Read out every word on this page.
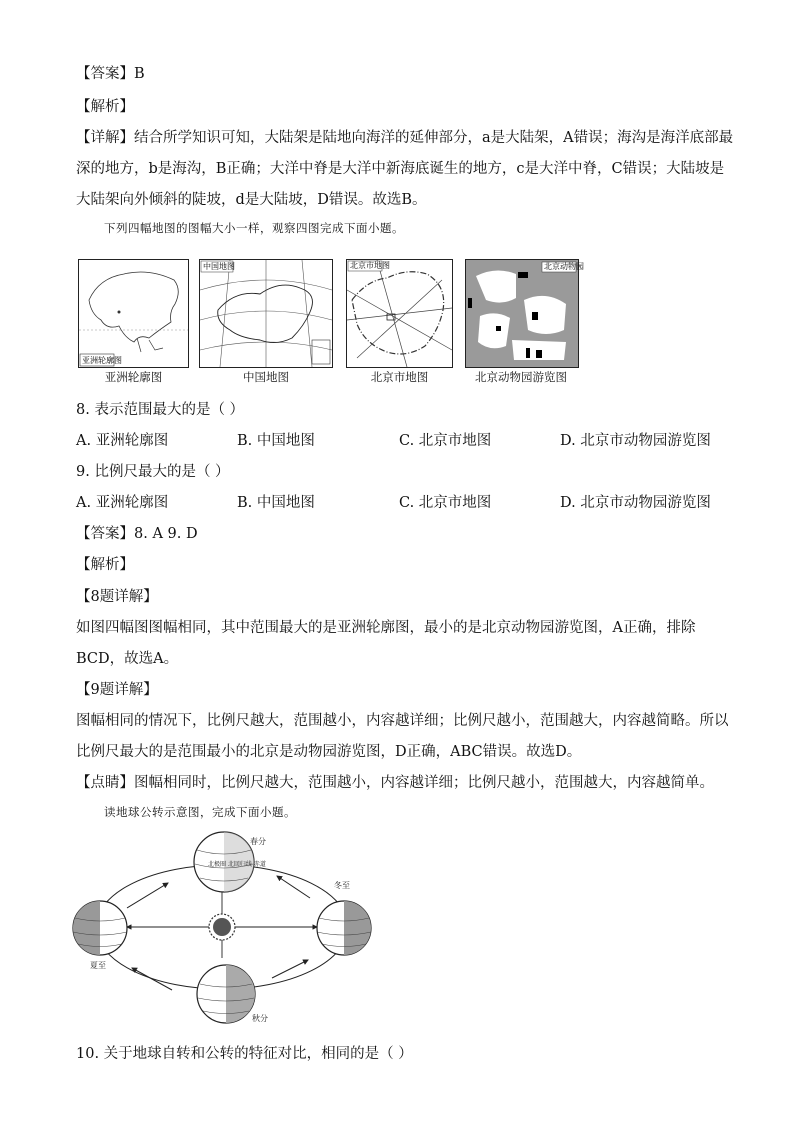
【答案】B
【解析】
【详解】结合所学知识可知，大陆架是陆地向海洋的延伸部分，a是大陆架，A错误；海沟是海洋底部最
深的地方，b是海沟，B正确；大洋中脊是大洋中新海底诞生的地方，c是大洋中脊，C错误；大陆坡是
大陆架向外倾斜的陡坡，d是大陆坡，D错误。故选B。
下列四幅地图的图幅大小一样，观察四图完成下面小题。
亚洲轮廓图
中国地图	北京市地图	北京动物园
亚洲轮廓图	中国地图	北京市地图	北京动物园游览图
8. 表示范围最大的是（ ）
A. 亚洲轮廓图	B. 中国地图	C. 北京市地图	D. 北京市动物园游览图
9. 比例尺最大的是（ ）
A. 亚洲轮廓图	B. 中国地图	C. 北京市地图	D. 北京市动物园游览图
【答案】8. A 9. D
【解析】
【8题详解】
如图四幅图图幅相同，其中范围最大的是亚洲轮廓图，最小的是北京动物园游览图，A正确，排除
BCD，故选A。
【9题详解】
图幅相同的情况下，比例尺越大，范围越小，内容越详细；比例尺越小，范围越大，内容越简略。所以
比例尺最大的是范围最小的北京是动物园游览图，D正确，ABC错误。故选D。
【点睛】图幅相同时，比例尺越大，范围越小，内容越详细；比例尺越小，范围越大，内容越简单。
读地球公转示意图，完成下面小题。
北极圈 北回归线 赤道
春分
冬至
夏至
秋分
10. 关于地球自转和公转的特征对比，相同的是（ ）
